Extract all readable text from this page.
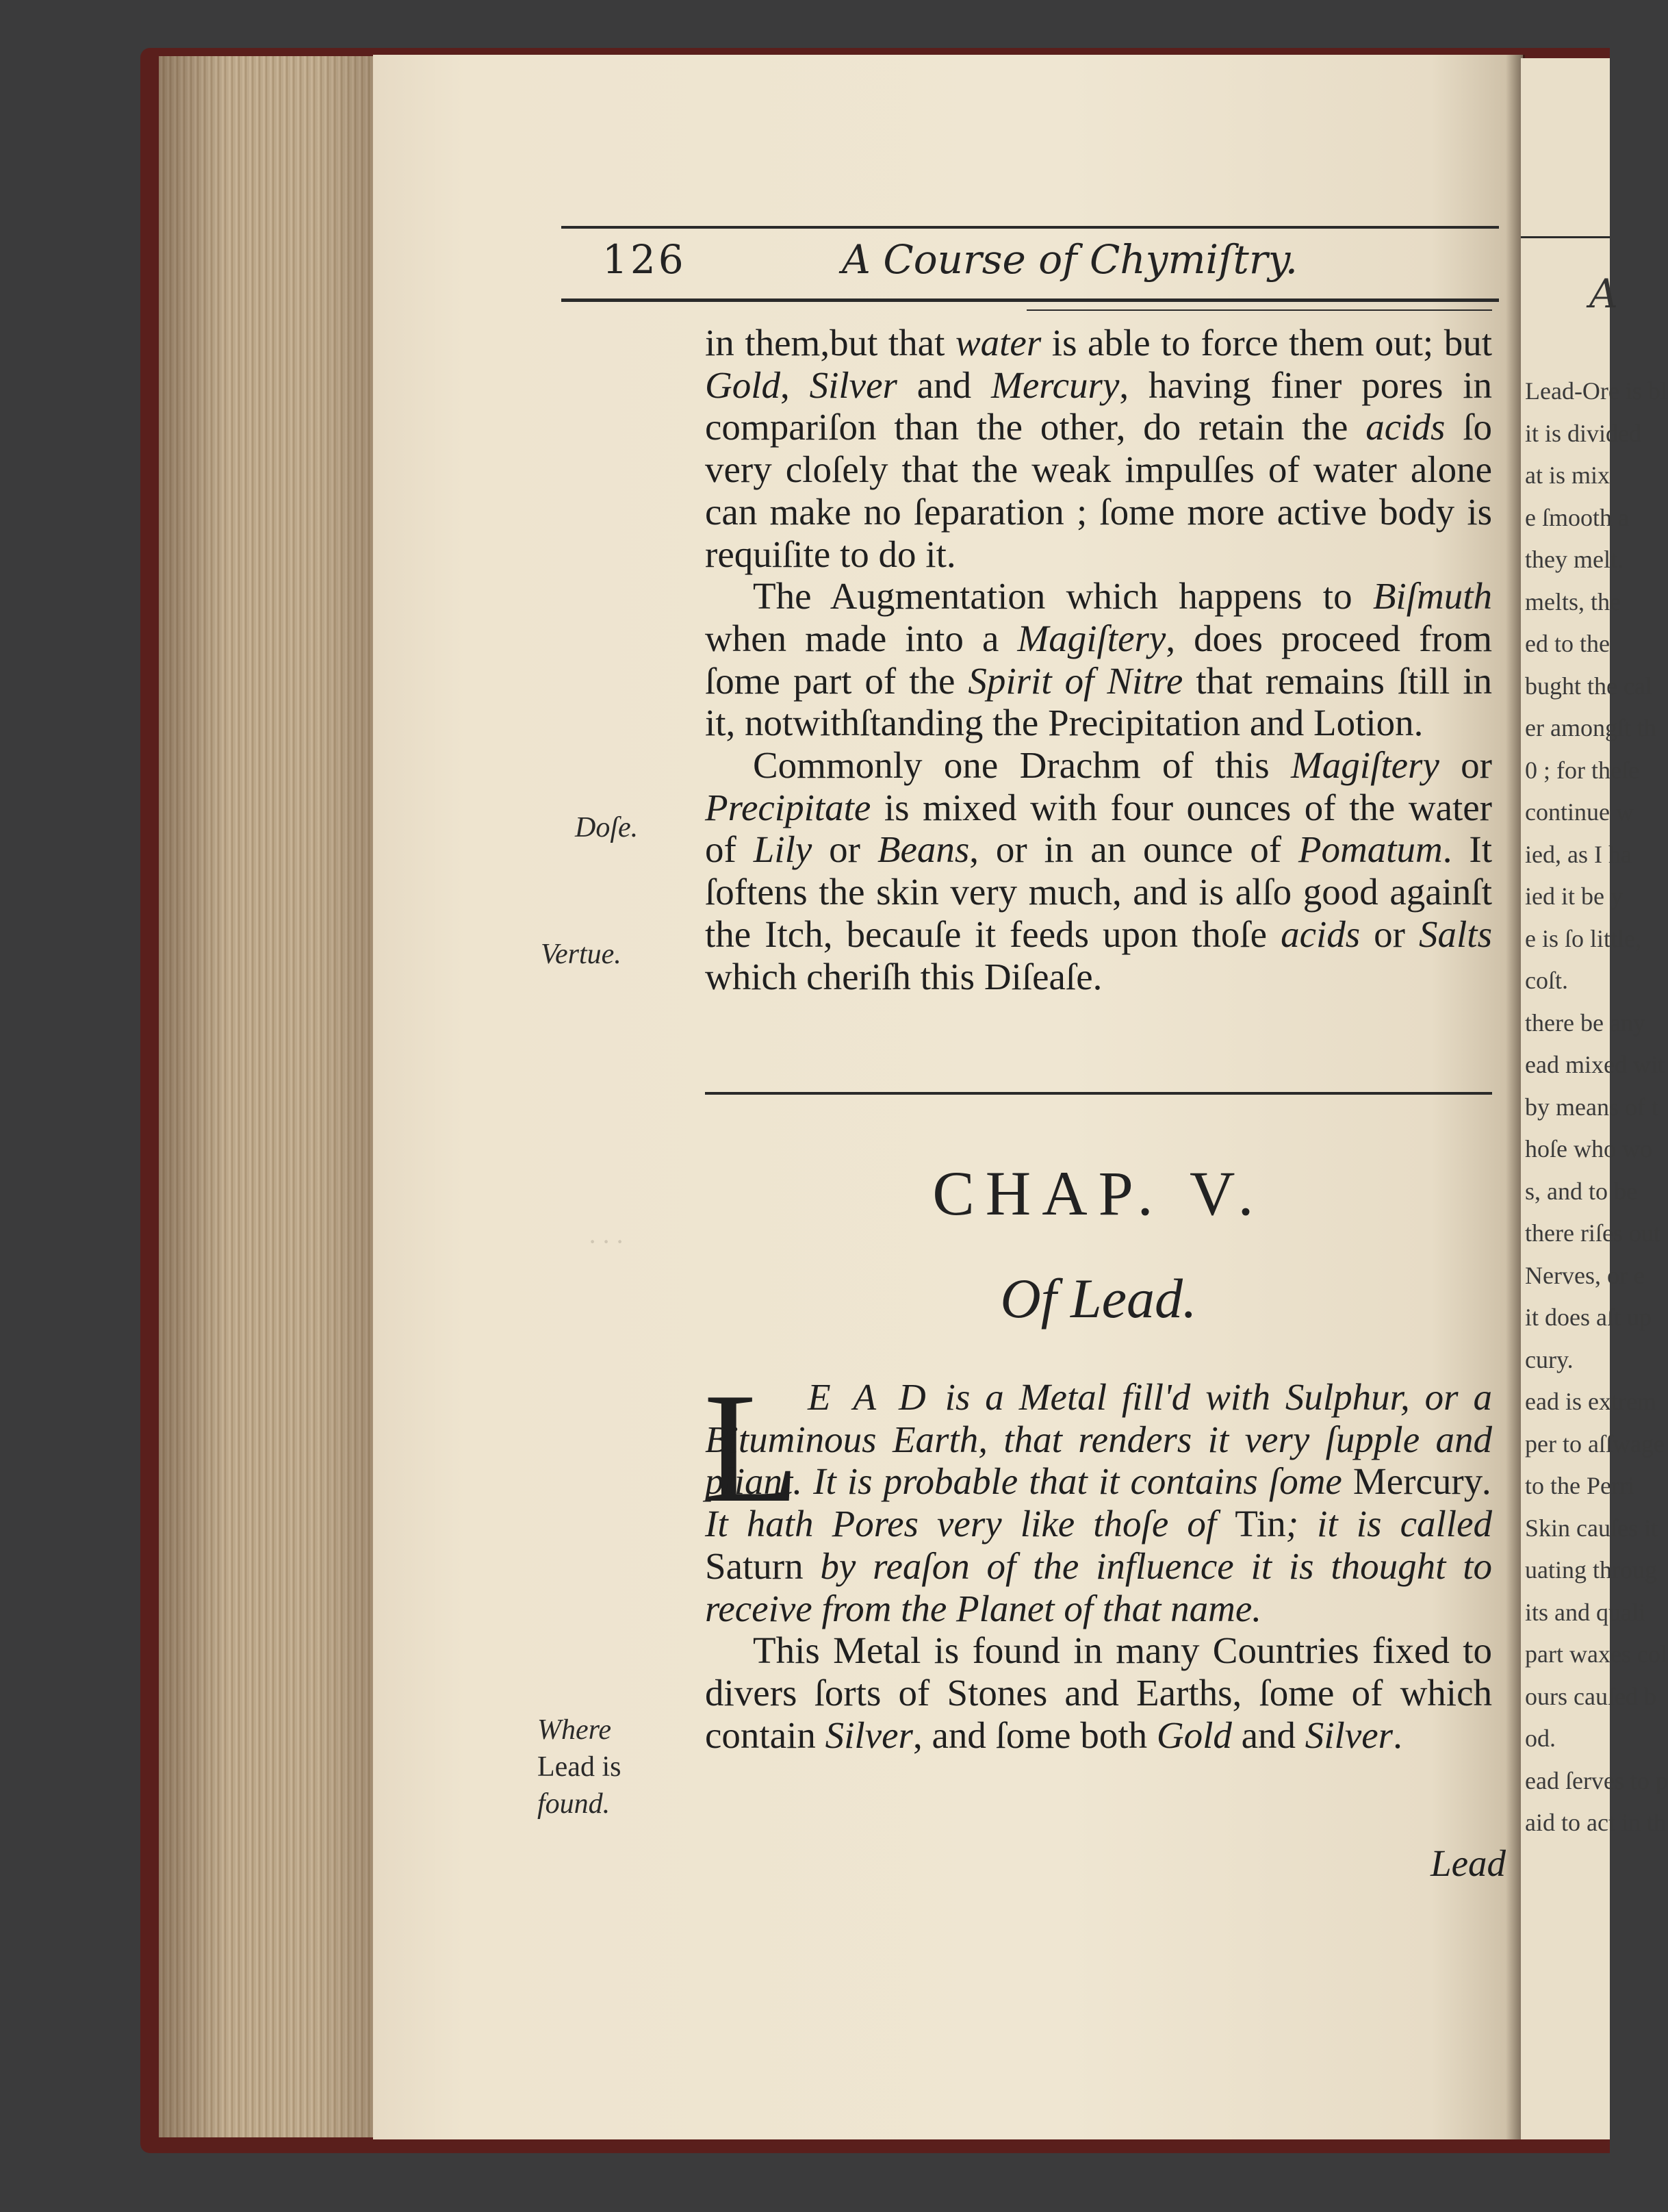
A
Lead-Ore is bl
it is divided
at is mix
e ſmooth a
they melt.
melts, the
ed to the
bught the cal
er amongſt th
0 ; for theſe
continue w
ied, as I ha
ied it be y
e is ſo little,
coſt.
there be any
ead mixed wit
by means of t
hoſe who wo
s, and to be
there riſes out
Nerves, or e
it does aſt up
cury.
ead is extrem
per to aſſwage
to the Perri
Skin cauſes it
uating throug
its and quali
part waxes col
ours cauſed b
od.
ead ſerves to p
aid to act in th
126	A Course of Chymiſtry.

in them,but that water is able to force them out; but Gold, Silver and Mercury, having finer pores in compariſon than the other, do retain the acids ſo very cloſely that the weak impulſes of water alone can make no ſeparation ; ſome more active body is requiſite to do it.

The Augmentation which happens to Biſmuth when made into a Magiſtery, does proceed from ſome part of the Spirit of Nitre that remains ſtill in it, notwithſtanding the Precipitation and Lotion.

Commonly one Drachm of this Magiſtery or Precipitate is mixed with four ounces of the water of Lily or Beans, or in an ounce of Pomatum. It ſoftens the skin very much, and is alſo good againſt the Itch, becauſe it feeds upon thoſe acids or Salts which cheriſh this Diſeaſe.

Doſe.
Vertue.
CHAP. V.
Of Lead.
· · ·
L E A D is a Metal fill'd with Sulphur, or a Bituminous Earth, that renders it very ſupple and pliant. It is probable that it contains ſome Mercury. It hath Pores very like thoſe of Tin; it is called Saturn by reaſon of the influence it is thought to receive from the Planet of that name.

This Metal is found in many Countries fixed to divers ſorts of Stones and Earths, ſome of which contain Silver, and ſome both Gold and Silver.

Where
Lead is
found.
Lead
